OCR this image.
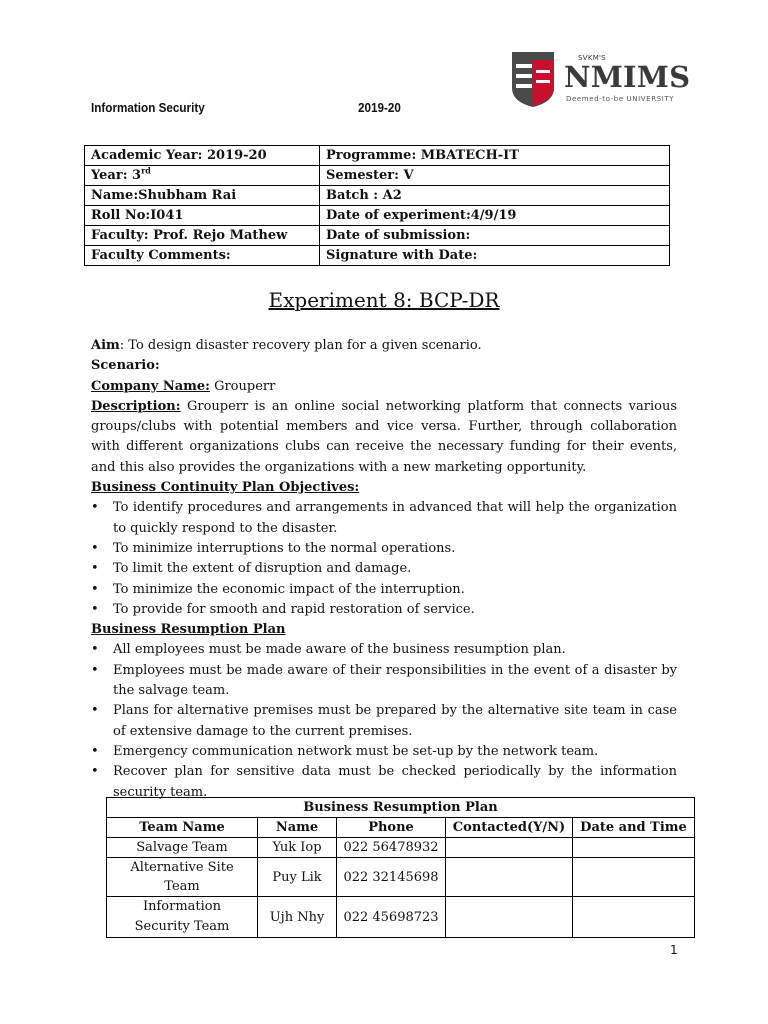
SVKM'S
NMIMS
Deemed-to-be UNIVERSITY
Information Security	2019-20
Academic Year: 2019-20	Programme: MBATECH-IT
Year: 3rd	Semester: V
Name:Shubham Rai	Batch : A2
Roll No:I041	Date of experiment:4/9/19
Faculty: Prof. Rejo Mathew	Date of submission:
Faculty Comments:	Signature with Date:
Experiment 8: BCP-DR

Aim: To design disaster recovery plan for a given scenario.

Scenario:

Company Name: Grouperr

Description: Grouperr is an online social networking platform that connects various groups/clubs with potential members and vice versa. Further, through collaboration with different organizations clubs can receive the necessary funding for their events, and this also provides the organizations with a new marketing opportunity.

Business Continuity Plan Objectives:

• To identify procedures and arrangements in advanced that will help the organization to quickly respond to the disaster.
• To minimize interruptions to the normal operations.
• To limit the extent of disruption and damage.
• To minimize the economic impact of the interruption.
• To provide for smooth and rapid restoration of service.

Business Resumption Plan

• All employees must be made aware of the business resumption plan.
• Employees must be made aware of their responsibilities in the event of a disaster by the salvage team.
• Plans for alternative premises must be prepared by the alternative site team in case of extensive damage to the current premises.
• Emergency communication network must be set-up by the network team.
• Recover plan for sensitive data must be checked periodically by the information security team.
Business Resumption Plan				
Team Name	Name	Phone	Contacted(Y/N)	Date and Time
Salvage Team	Yuk Iop	022 56478932		
Alternative Site Team	Puy Lik	022 32145698		
Information Security Team	Ujh Nhy	022 45698723		
1
